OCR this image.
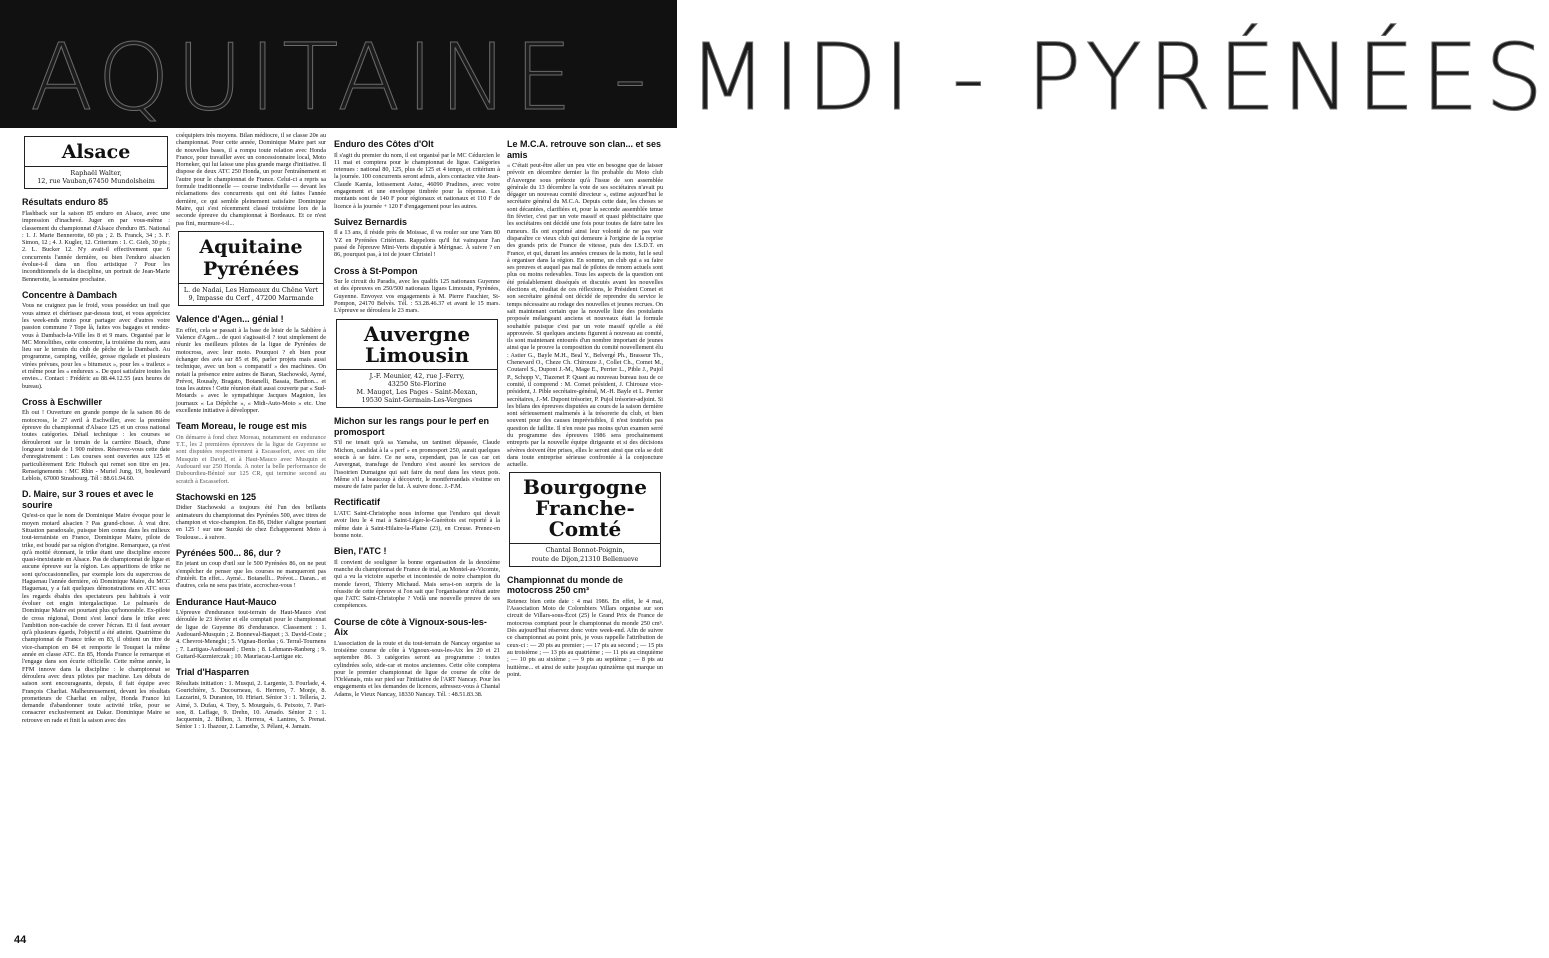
AQUITAINE - MIDI - PYRÉNÉES
Alsace
Raphaël Walter,
12, rue Vauban,67450 Mundolsheim
Résultats enduro 85

Flashback sur la saison 85 enduro en Alsace, avec une impression d'inachevé. Juger en par vous-même : classement du championnat d'Alsace d'enduro 85. National : 1. J. Marie Bennerotte, 60 pts ; 2. B. Franck, 34 ; 3. F. Simon, 12 ; 4. J. Kugler, 12. Criterium : 1. C. Gieb, 30 pts ; 2. L. Bucker 12. N'y avait-il effectivement que 6 concurrents l'année dernière, ou bien l'enduro alsacien évolue-t-il dans un flou artistique ? Pour les inconditionnels de la discipline, un portrait de Jean-Marie Bennerotte, la semaine prochaine.

Concentre à Dambach

Vous ne craignez pas le froid, vous possédez un trail que vous aimez et chérissez par-dessus tout, et vous appréciez les week-ends moto pour partager avec d'autres votre passion commune ? Tope là, faites vos bagages et rendez-vous à Dambach-la-Ville les 8 et 9 mars. Organisé par le MC Monolithes, cette concentre, la troisième du nom, aura lieu sur le terrain du club de pêche de la Dambach. Au programme, camping, veillée, grosse rigolade et plusieurs virées prévues, pour les « bitumeux », pour les « traileux » et même pour les « endureux ». De quoi satisfaire toutes les envies... Contact : Frédéric au 88.44.12.55 (aux heures de bureau).

Cross à Eschwiller

Eh oui ! Ouverture en grande pompe de la saison 86 de motocross, le 27 avril à Eschwiller, avec la première épreuve du championnat d'Alsace 125 et un cross national toutes catégories. Détail technique : les courses se dérouleront sur le terrain de la carrière Bisach, d'une longueur totale de 1 900 mètres. Réservez-vous cette date d'enregistrement : Les courses sont ouvertes aux 125 et particulièrement Eric Hubsch qui remet son titre en jeu. Renseignements : MC Rhin - Muriel Jung, 19, boulevard Leblois, 67000 Strasbourg. Tél : 88.61.94.60.

D. Maire, sur 3 roues et avec le sourire

Qu'est-ce que le nom de Dominique Maire évoque pour le moyen motard alsacien ? Pas grand-chose. À vrai dire. Situation paradoxale, puisque bien connu dans les milieux tout-terrainiste en France, Dominique Maire, pilote de trike, est boudé par sa région d'origine. Remarquez, ça n'est qu'à moitié étonnant, le trike étant une discipline encore quasi-inexistante en Alsace. Pas de championnat de ligue et aucune épreuve sur la région. Les apparitions de trike ne sont qu'occasionnelles, par exemple lors du supercross de Haguenau l'année dernière, où Dominique Maire, du MCC Haguenau, y a fait quelques démonstrations en ATC sous les regards ébahis des spectateurs peu habitués à voir évoluer cet engin intergalactique. Le palmarès de Dominique Maire est pourtant plus qu'honorable. Ex-pilote de cross régional, Domi s'est lancé dans le trike avec l'ambition non-cachée de crever l'écran. Et il faut avouer qu'à plusieurs égards, l'objectif a été atteint. Quatrième du championnat de France trike en 83, il obtient un titre de vice-champion en 84 et remporte le Touquet la même année en classe ATC. En 85, Honda France le remarque et l'engage dans son écurie officielle. Cette même année, la FFM innove dans la discipline : le championnat se déroulera avec deux pilotes par machine. Les débuts de saison sont encourageants, depuis, il fait équipe avec François Charliat. Malheureusement, devant les résultats prometteurs de Charliat en rallye, Honda France lui demande d'abandonner toute activité trike, pour se consacrer exclusivement au Dakar. Dominique Maire se retrouve en rade et finit la saison avec des

coéquipiers très moyens. Bilan médiocre, il se classe 20e au championnat. Pour cette année, Dominique Maire part sur de nouvelles bases, il a rompu toute relation avec Honda France, pour travailler avec un concessionnaire local, Moto Horneker, qui lui laisse une plus grande marge d'initiative. Il dispose de deux ATC 250 Honda, un pour l'entraînement et l'autre pour le championnat de France. Celui-ci a repris sa formule traditionnelle — course individuelle — devant les réclamations des concurrents qui ont été faites l'année dernière, ce qui semble pleinement satisfaire Dominique Maire, qui s'est récemment classé troisième lors de la seconde épreuve du championnat à Bordeaux. Et ce n'est pas fini, murmure-t-il...

Aquitaine Pyrénées
L. de Nadai, Les Hameaux du Chêne Vert
9, Impasse du Cerf , 47200 Marmande
Valence d'Agen... génial !

En effet, cela se passait à la base de loisir de la Sablière à Valence d'Agen... de quoi s'agissait-il ? tout simplement de réunir les meilleurs pilotes de la ligue de Pyrénées de motocross, avec leur moto. Pourquoi ? eh bien pour échanger des avis sur 85 et 86, parler projets mais aussi technique, avec un bon « comparatif » des machines. On notait la présence entre autres de Baran, Stachowski, Aymé, Prévot, Rousaly, Bragato, Botanelli, Basaia, Barthon... et tous les autres ! Cette réunion était aussi couverte par « Sud-Motards » avec le sympathique Jacques Magnion, les journaux « La Dépêche », « Midi-Auto-Moto » etc. Une excellente initiative à développer.

Team Moreau, le rouge est mis

On démarre à fond chez Moreau, notamment en endurance T.T., les 2 premières épreuves de la ligue de Guyenne se sont disputées respectivement à Escassefort, avec en tête Musquin et David, et à Haut-Mauco avec Musquin et Audouard sur 250 Honda. À noter la belle performance de Dubourdieu-Bénizé sur 125 CR, qui termine second au scratch à Escassefort.

Stachowski en 125

Didier Stachowski a toujours été l'un des brillants animateurs du championnat des Pyrénées 500, avec titres de champion et vice-champion. En 86, Didier s'aligne pourtant en 125 ! sur une Suzuki de chez Échappement Moto à Toulouse... à suivre.

Pyrénées 500... 86, dur ?

En jetant un coup d'œil sur le 500 Pyrénées 86, on ne peut s'empêcher de penser que les courses ne manqueront pas d'intérêt. En effet... Aymé... Botanelli... Prévot... Daran... et d'autres, cela ne sera pas triste, accrochez-vous !

Endurance Haut-Mauco

L'épreuve d'endurance tout-terrain de Haut-Mauco s'est déroulée le 23 février et elle comptait pour le championnat de ligue de Guyenne 86 d'endurance. Classement : 1. Audouard-Musquin ; 2. Bonneval-Baquet ; 3. David-Coste ; 4. Chevrot-Meneghi ; 5. Vignau-Bordas ; 6. Terral-Tournens ; 7. Lartigau-Audouard ; Denis ; 8. Lehmann-Ranberg ; 9. Guitard-Kazmierczak ; 10. Mauriacau-Lartigue etc.

Trial d'Hasparren

Résultats initiation : 1. Musqui, 2. Largente, 3. Fourlade, 4. Gourichière, 5. Ducourneau, 6. Herrero, 7. Monje, 8. Lazzarini, 9. Duranton, 10. Hiriart. Sénior 3 : 1. Tellería, 2. Aimé, 3. Dufau, 4. Trey, 5. Mourguès, 6. Peixoto, 7. Parison, 8. Laffage, 9. Drehn, 10. Amado. Sénior 2 : 1. Jacquemin, 2. Bilhon, 3. Herrera, 4. Lantres, 5. Prenat. Sénior 1 : 1. Ihazour, 2. Lamothe, 3. Pélant, 4. Jamain.

Enduro des Côtes d'Olt

Il s'agit du premier du nom, il est organisé par le MC Cédurcien le 11 mai et comptera pour le championnat de ligue. Catégories retenues : national 80, 125, plus de 125 et 4 temps, et critérium à la journée. 100 concurrents seront admis, alors contactez vite Jean-Claude Kamia, lotissement Astuc, 46090 Pradines, avec votre engagement et une enveloppe timbrée pour la réponse. Les montants sont de 140 F pour régionaux et nationaux et 110 F de licence à la journée + 120 F d'engagement pour les autres.

Suivez Bernardis

Il a 13 ans, il réside près de Moissac, il va rouler sur une Yam 80 YZ en Pyrénées Critérium. Rappelons qu'il fut vainqueur l'an passé de l'épreuve Mini-Verts disputée à Mérignac. À suivre ? en 86, pourquoi pas, à toi de jouer Christel !

Cross à St-Pompon

Sur le circuit du Paradis, avec les qualifs 125 nationaux Guyenne et des épreuves en 250/500 nationaux ligues Limousin, Pyrénées, Guyenne. Envoyez vos engagements à M. Pierre Fauchier, St-Pompon, 24170 Belvès. Tél. : 53.28.46.37 et avant le 15 mars. L'épreuve se déroulera le 23 mars.

Auvergne Limousin
J.-F. Meunier, 42, rue J.-Ferry,
43250 Ste-Florine
M. Mauget, Les Pages - Saint-Mexan,
19530 Saint-Germain-Les-Vergnes
Michon sur les rangs pour le perf en promosport

S'il ne tenait qu'à sa Yamaha, un tantinet dépassée, Claude Michon, candidat à la « perf » en promosport 250, aurait quelques soucis à se faire. Ce ne sera, cependant, pas le cas car cet Auvergnat, transfuge de l'enduro s'est assuré les services de l'issoirien Dumaigne qui sait faire du neuf dans les vieux pots. Même s'il a beaucoup à découvrir, le montferrandais s'estime en mesure de faire parler de lui. À suivre donc. J.-F.M.

Rectificatif

L'ATC Saint-Christophe nous informe que l'enduro qui devait avoir lieu le 4 mai à Saint-Léger-le-Guérétois est reporté à la même date à Saint-Hilaire-la-Plaine (23), en Creuse. Prenez-en bonne note.

Bien, l'ATC !

Il convient de souligner la bonne organisation de la deuxième manche du championnat de France de trial, au Montel-au-Vicomte, qui a vu la victoire superbe et incontestée de notre champion du monde favori, Thierry Michaud. Mais sera-t-on surpris de la réussite de cette épreuve si l'on sait que l'organisateur n'était autre que l'ATC Saint-Christophe ? Voilà une nouvelle preuve de ses compétences.

Course de côte à Vignoux-sous-les-Aix

L'association de la route et du tout-terrain de Nancay organise sa troisième course de côte à Vignoux-sous-les-Aix les 20 et 21 septembre 86. 3 catégories seront au programme : toutes cylindrées solo, side-car et motos anciennes. Cette côte comptera pour le premier championnat de ligue de course de côte de l'Orléanais, mis sur pied sur l'initiative de l'ART Nancay. Pour les engagements et les demandes de licences, adressez-vous à Chantal Adams, le Vieux Nancay, 18330 Nancay. Tél. : 48.51.83.38.

Le M.C.A. retrouve son clan... et ses amis

« C'était peut-être aller un peu vite en besogne que de laisser prévoir en décembre dernier la fin probable du Moto club d'Auvergne sous prétexte qu'à l'issue de son assemblée générale du 13 décembre la vote de ses sociétaires n'avait pu dégager un nouveau comité directeur », estime aujourd'hui le secrétaire général du M.C.A. Depuis cette date, les choses se sont décantées, clarifiées et, pour la seconde assemblée tenue fin février, c'est par un vote massif et quasi plébiscitaire que les sociétaires ont décidé une fois pour toutes de faire taire les rumeurs. Ils ont exprimé ainsi leur volonté de ne pas voir disparaître ce vieux club qui demeure à l'origine de la reprise des grands prix de France de vitesse, puis des I.S.D.T. en France, et qui, durant les années creuses de la moto, fut le seul à organiser dans la région. En somme, un club qui a su faire ses preuves et auquel pas mal de pilotes de renom actuels sont plus ou moins redevables. Tous les aspects de la question ont été préalablement disséqués et discutés avant les nouvelles élections et, résultat de ces réflexions, le Président Comet et son secrétaire général ont décidé de reprendre du service le temps nécessaire au rodage des nouvelles et jeunes recrues. On sait maintenant certain que la nouvelle liste des postulants proposée mélangeant anciens et nouveaux était la formule souhaitée puisque c'est par un vote massif qu'elle a été approuvée. Si quelques anciens figurent à nouveau au comité, ils sont maintenant entourés d'un nombre important de jeunes ainsi que le prouve la composition du comité nouvellement élu : Astier G., Bayle M.H., Beal Y., Belvergé Ph., Brasseur Th., Chenevard O., Cheze Ch. Chirouze J., Collet Ch., Comet M., Coutarel S., Dupont J.-M., Mage E., Perrier L., Pible J., Pujol P., Schopp V., Tiazenet P. Quant au nouveau bureau issu de ce comité, il comprend : M. Comet président, J. Chirouze vice-président, J. Pible secrétaire-général, M.-H. Bayle et L. Perrier secrétaires, J.-M. Dupont trésorier, P. Pujol trésorier-adjoint. Si les bilans des épreuves disputées au cours de la saison dernière sont sérieusement malmenés à la trésorerie du club, et bien souvent pour des causes imprévisibles, il n'est toutefois pas question de faillite. Il n'en reste pas moins qu'un examen serré du programme des épreuves 1986 sera prochainement entrepris par la nouvelle équipe dirigeante et si des décisions sévères doivent être prises, elles le seront ainsi que cela se doit dans toute entreprise sérieuse confrontée à la conjoncture actuelle.

Bourgogne Franche-Comté
Chantal Bonnot-Poignin,
route de Dijon,21310 Bellenueve
Championnat du monde de motocross 250 cm³

Retenez bien cette date : 4 mai 1986. En effet, le 4 mai, l'Association Moto de Colombiers Villars organise sur son circuit de Villars-sous-Écot (25) le Grand Prix de France de motocross comptant pour le championnat du monde 250 cm³. Dès aujourd'hui réservez donc votre week-end. Afin de suivre ce championnat au point près, je vous rappelle l'attribution de ceux-ci : — 20 pts au premier ; — 17 pts au second ; — 15 pts au troisième ; — 13 pts au quatrième ; — 11 pts au cinquième ; — 10 pts au sixième ; — 9 pts au septième ; — 8 pts au huitième... et ainsi de suite jusqu'au quinzième qui marque un point.

44
